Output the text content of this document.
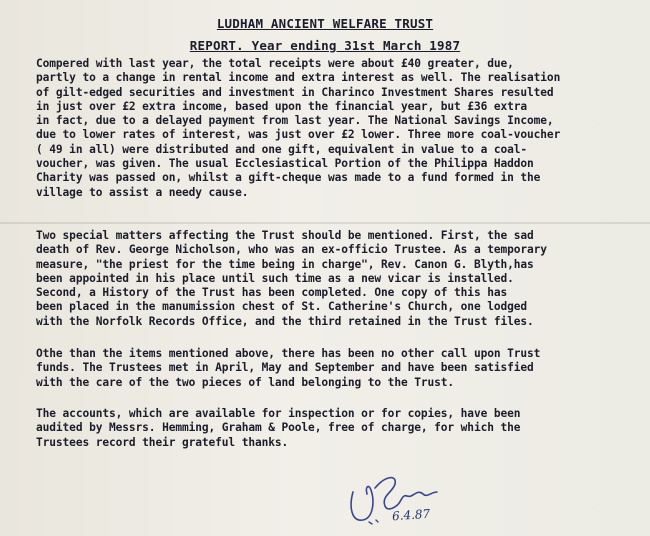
LUDHAM ANCIENT WELFARE TRUST
REPORT. Year ending 31st March 1987

Compered with last year, the total receipts were about £40 greater, due,
partly to a change in rental income and extra interest as well. The realisation
of gilt-edged securities and investment in Charinco Investment Shares resulted
in just over £2 extra income, based upon the financial year, but £36 extra
in fact, due to a delayed payment from last year. The National Savings Income,
due to lower rates of interest, was just over £2 lower. Three more coal-voucher
( 49 in all) were distributed and one gift, equivalent in value to a coal-
voucher, was given. The usual Ecclesiastical Portion of the Philippa Haddon
Charity was passed on, whilst a gift-cheque was made to a fund formed in the
village to assist a needy cause.

Two special matters affecting the Trust should be mentioned. First, the sad
death of Rev. George Nicholson, who was an ex-officio Trustee. As a temporary
measure, "the priest for the time being in charge", Rev. Canon G. Blyth,has
been appointed in his place until such time as a new vicar is installed.
Second, a History of the Trust has been completed. One copy of this has
been placed in the manumission chest of St. Catherine's Church, one lodged
with the Norfolk Records Office, and the third retained in the Trust files.

Othe than the items mentioned above, there has been no other call upon Trust
funds. The Trustees met in April, May and September and have been satisfied
with the care of the two pieces of land belonging to the Trust.

The accounts, which are available for inspection or for copies, have been
audited by Messrs. Hemming, Graham & Poole, free of charge, for which the
Trustees record their grateful thanks.

6.4.87
